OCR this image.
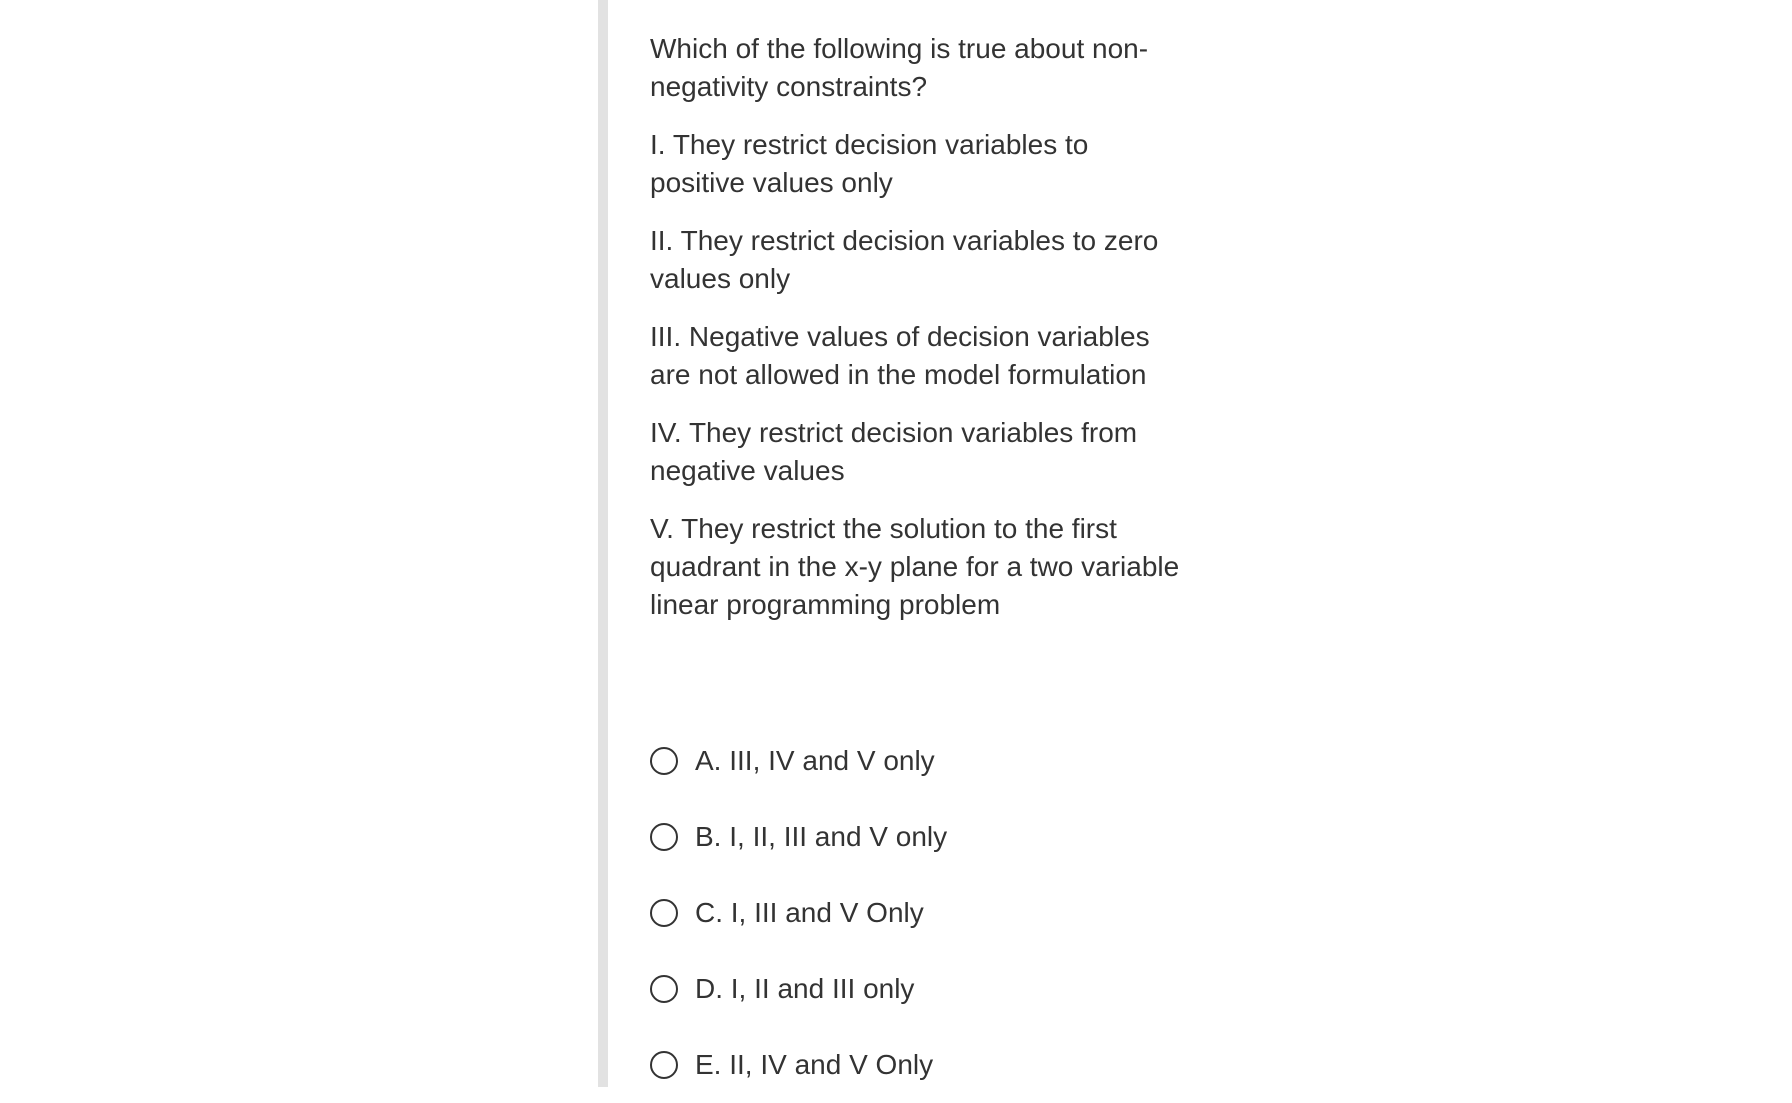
Which of the following is true about non-negativity constraints?

I. They restrict decision variables to positive values only

II. They restrict decision variables to zero values only

III. Negative values of decision variables are not allowed in the model formulation

IV. They restrict decision variables from negative values

V. They restrict the solution to the first quadrant in the x-y plane for a two variable linear programming problem

A. III, IV and V only
B. I, II, III and V only
C. I, III and V Only
D. I, II and III only
E. II, IV and V Only
